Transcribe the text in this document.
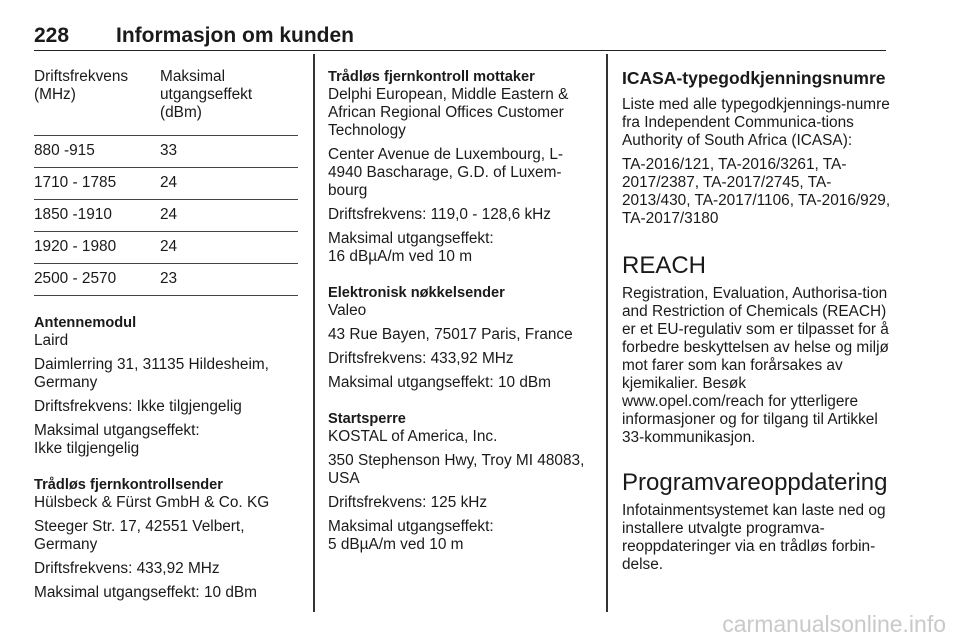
228 Informasjon om kunden
Driftsfrekvens (MHz)	Maksimal utgangseffekt (dBm)
880 -915	33
1710 - 1785	24
1850 -1910	24
1920 - 1980	24
2500 - 2570	23

Antennemodul

Laird

Daimlerring 31, 31135 Hildesheim, Germany

Driftsfrekvens: Ikke tilgjengelig

Maksimal utgangseffekt:

Ikke tilgjengelig

Trådløs fjernkontrollsender

Hülsbeck & Fürst GmbH & Co. KG

Steeger Str. 17, 42551 Velbert, Germany

Driftsfrekvens: 433,92 MHz

Maksimal utgangseffekt: 10 dBm

Trådløs fjernkontroll mottaker

Delphi European, Middle Eastern & African Regional Offices Customer Technology

Center Avenue de Luxembourg, L-4940 Bascharage, G.D. of Luxem-bourg

Driftsfrekvens: 119,0 - 128,6 kHz

Maksimal utgangseffekt:

16 dBµA/m ved 10 m

Elektronisk nøkkelsender

Valeo

43 Rue Bayen, 75017 Paris, France

Driftsfrekvens: 433,92 MHz

Maksimal utgangseffekt: 10 dBm

Startsperre

KOSTAL of America, Inc.

350 Stephenson Hwy, Troy MI 48083, USA

Driftsfrekvens: 125 kHz

Maksimal utgangseffekt:

5 dBµA/m ved 10 m

ICASA-typegodkjenningsnumre

Liste med alle typegodkjennings-numre fra Independent Communica-tions Authority of South Africa (ICASA):

TA-2016/121, TA-2016/3261, TA-2017/2387, TA-2017/2745, TA-2013/430, TA-2017/1106, TA-2016/929, TA-2017/3180

REACH

Registration, Evaluation, Authorisa-tion and Restriction of Chemicals (REACH) er et EU-regulativ som er tilpasset for å forbedre beskyttelsen av helse og miljø mot farer som kan forårsakes av kjemikalier. Besøk www.opel.com/reach for ytterligere informasjoner og for tilgang til Artikkel 33-kommunikasjon.

Programvareoppdatering

Infotainmentsystemet kan laste ned og installere utvalgte programva-reoppdateringer via en trådløs forbin-delse.

carmanualsonline.info
